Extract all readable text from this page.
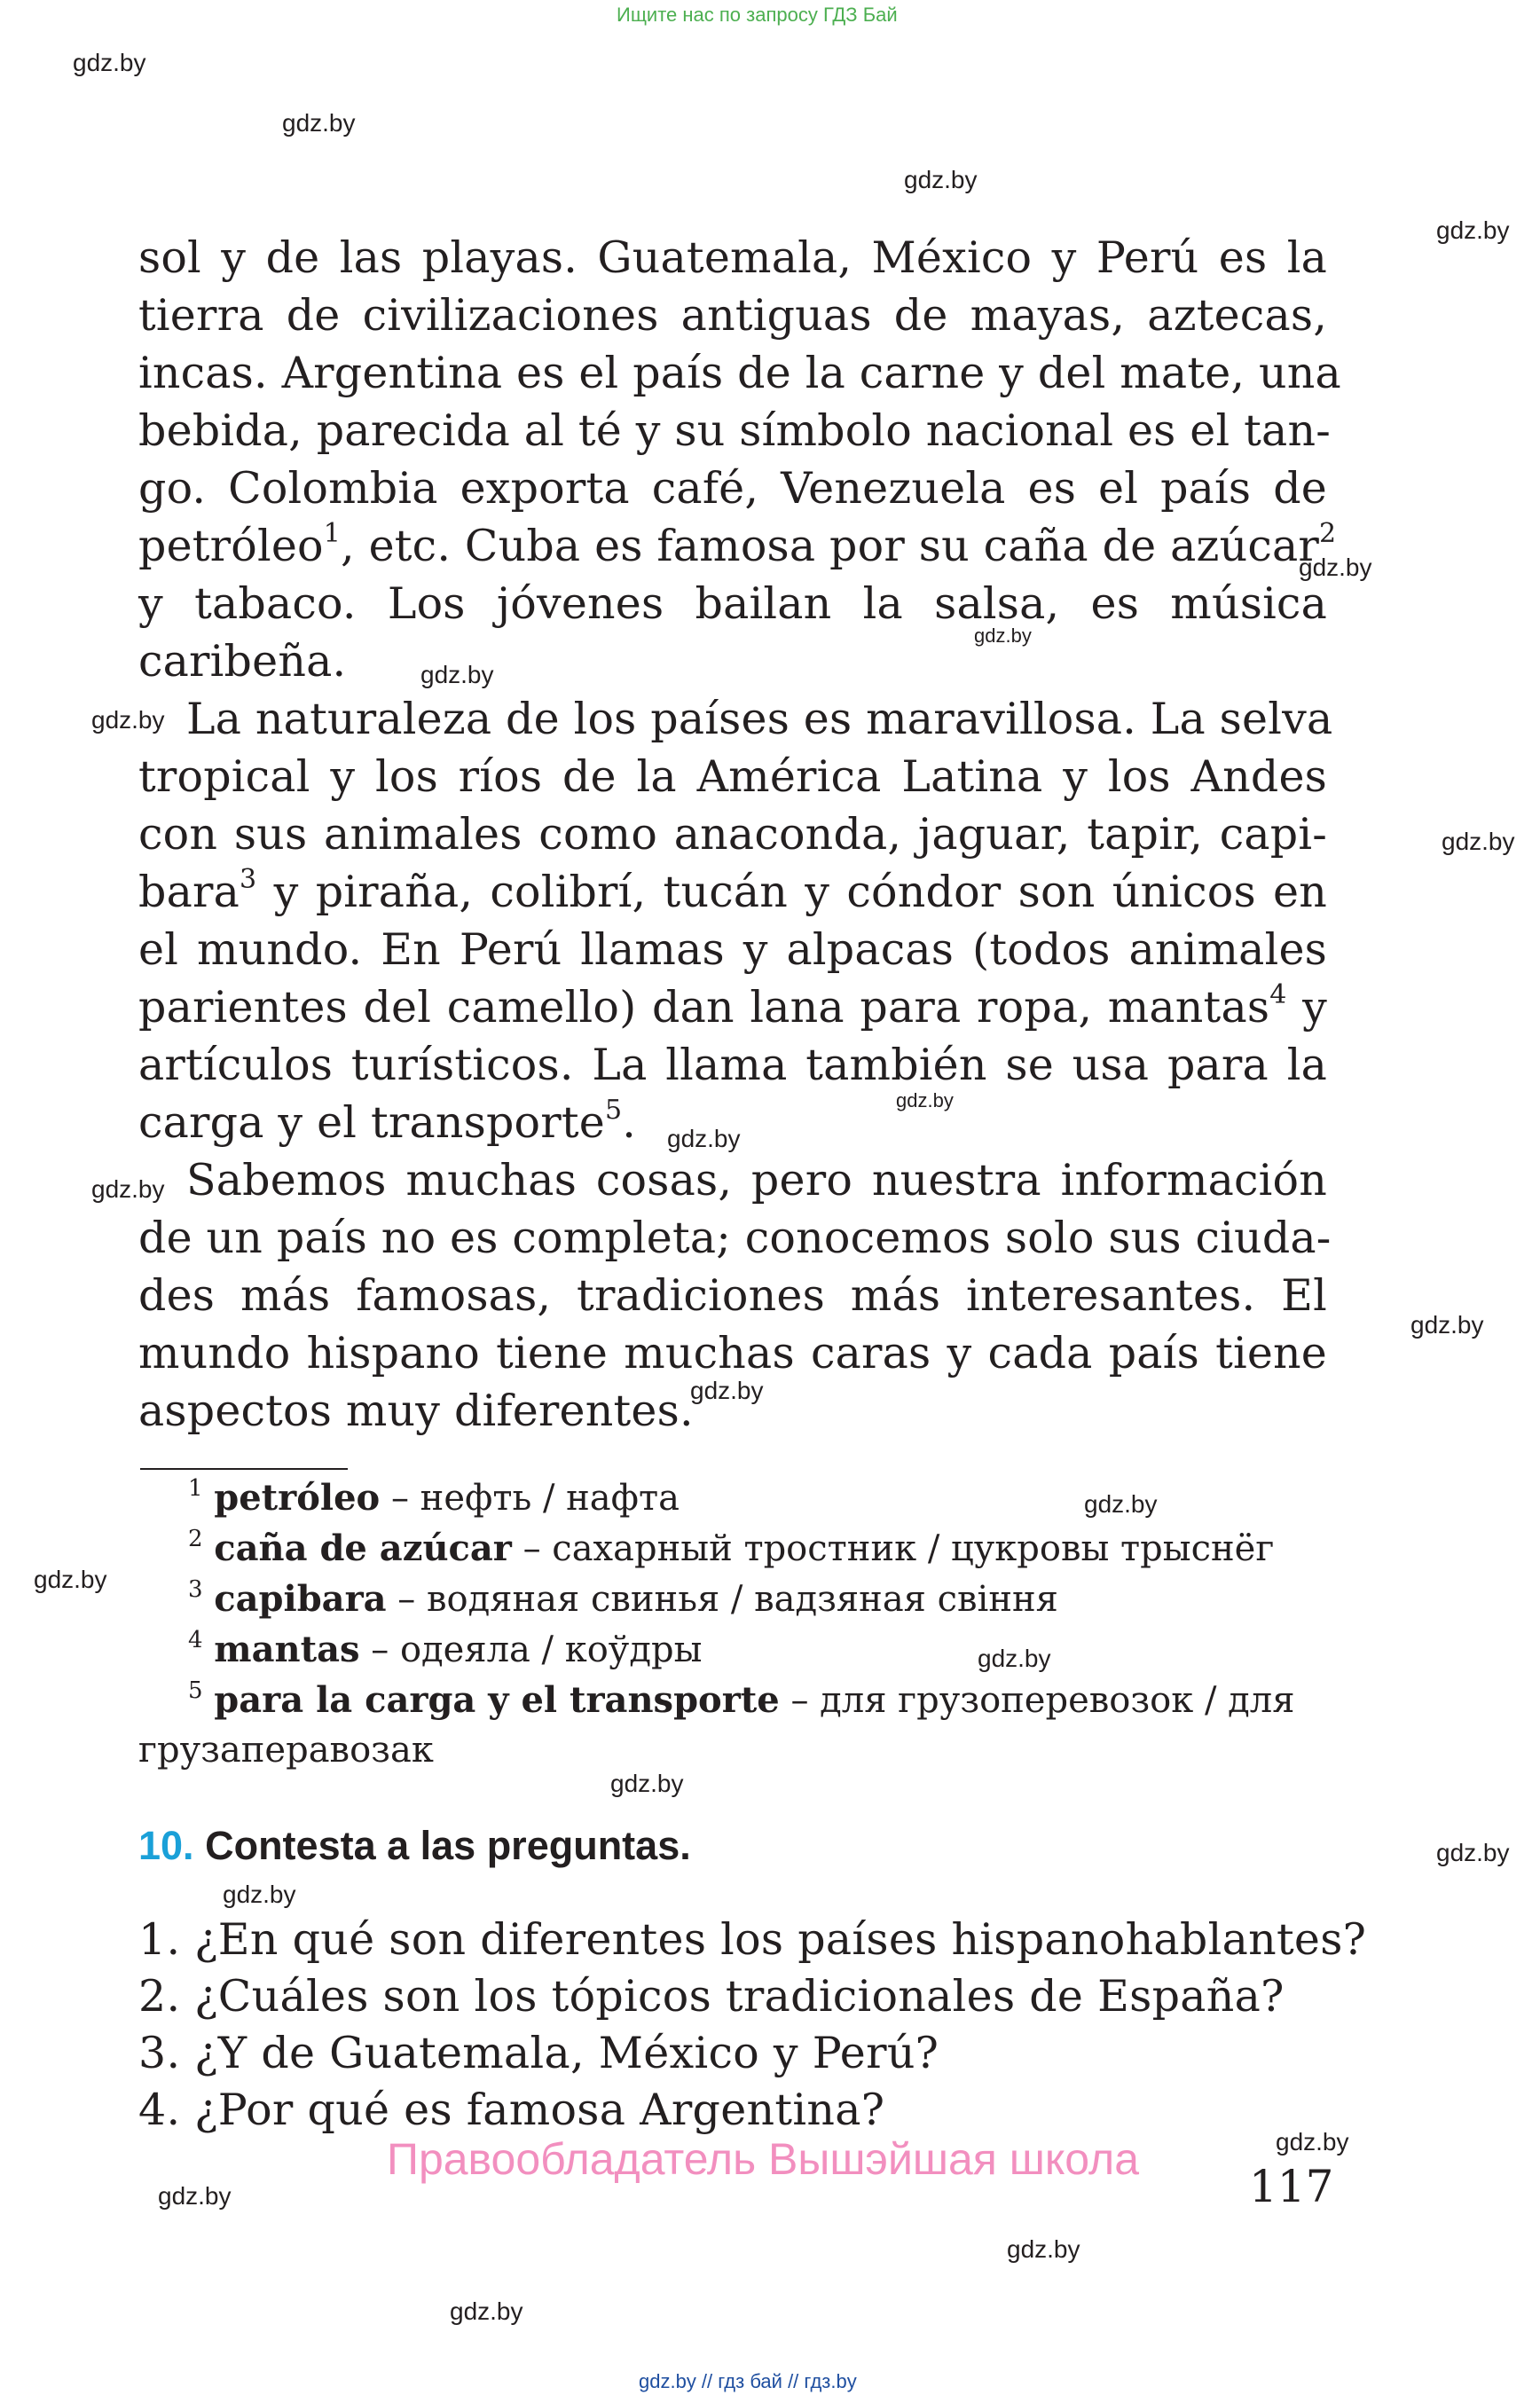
Ищите нас по запросу ГДЗ Бай
gdz.by // гдз бай // гдз.by
gdz.by
gdz.by
gdz.by
gdz.by
gdz.by
gdz.by
gdz.by
gdz.by
gdz.by
gdz.by
gdz.by
gdz.by
gdz.by
gdz.by
gdz.by
gdz.by
gdz.by
gdz.by
gdz.by
gdz.by
gdz.by
gdz.by
gdz.by
gdz.by
sol y de las playas. Guatemala, México y Perú es la
tierra de civilizaciones antiguas de mayas, aztecas,
incas. Argentina es el país de la carne y del mate, una
bebida, parecida al té y su símbolo nacional es el tan-
go. Colombia exporta café, Venezuela es el país de
petróleo$^1$, etc. Cuba es famosa por su caña de azúcar$^2$
y tabaco. Los jóvenes bailan la salsa, es música
caribeña.
La naturaleza de los países es maravillosa. La selva
tropical y los ríos de la América Latina y los Andes
con sus animales como anaconda, jaguar, tapir, capi-
bara$^3$ y piraña, colibrí, tucán y cóndor son únicos en
el mundo. En Perú llamas y alpacas (todos animales
parientes del camello) dan lana para ropa, mantas$^4$ y
artículos turísticos. La llama también se usa para la
carga y el transporte$^5$.
Sabemos muchas cosas, pero nuestra información
de un país no es completa; conocemos solo sus ciuda-
des más famosas, tradiciones más interesantes. El
mundo hispano tiene muchas caras y cada país tiene
aspectos muy diferentes.
$^1$ petróleo – нефть / нафта
$^2$ caña de azúcar – сахарный тростник / цукровы трыснёг
$^3$ capibara – водяная свинья / вадзяная свіння
$^4$ mantas – одеяла / коўдры
$^5$ para la carga y el transporte – для грузоперевозок / для
грузаперавозак
10. Contesta a las preguntas.
1. ¿En qué son diferentes los países hispanohablantes?
2. ¿Cuáles son los tópicos tradicionales de España?
3. ¿Y de Guatemala, México y Perú?
4. ¿Por qué es famosa Argentina?
Правообладатель Вышэйшая школа
117
